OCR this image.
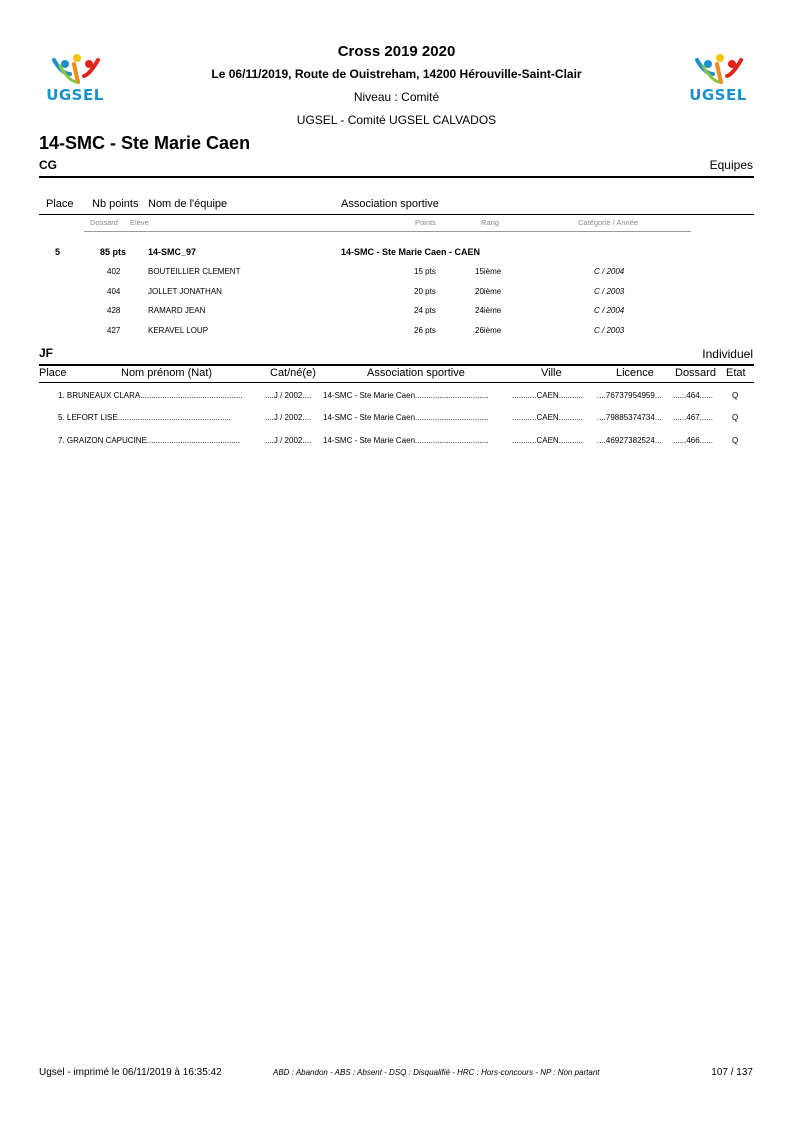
UGSEL	UGSEL
Cross 2019 2020
Le 06/11/2019, Route de Ouistreham, 14200 Hérouville-Saint-Clair
Niveau : Comité
UGSEL - Comité UGSEL CALVADOS
14-SMC - Ste Marie Caen
CG	Equipes
Place Nb points Nom de l'équipe	Association sportive
Dossard Elève	Points	Rang	Catégorie / Année
5	85 pts 14-SMC_97	14-SMC - Ste Marie Caen - CAEN
402	BOUTEILLIER CLEMENT	15 pts	15ième	C / 2004
404	JOLLET JONATHAN	20 pts	20ième	C / 2003
428	RAMARD JEAN	24 pts	24ième	C / 2004
427	KERAVEL LOUP	26 pts	26ième	C / 2003
JF	Individuel
Place	Nom prénom (Nat)	Cat/né(e)	Association sportive	Ville	Licence Dossard Etat
1. BRUNEAUX CLARA..............................................	....J / 2002....	14-SMC - Ste Marie Caen.................................	...........CAEN...........	....76737954959...	......464......	Q
5. LEFORT LISE...................................................	....J / 2002....	14-SMC - Ste Marie Caen.................................	...........CAEN...........	....79885374734...	......467......	Q
7. GRAIZON CAPUCINE..........................................	....J / 2002....	14-SMC - Ste Marie Caen.................................	...........CAEN...........	....46927382524...	......466......	Q
Ugsel - imprimé le 06/11/2019 à 16:35:42	ABD : Abandon - ABS : Absent - DSQ : Disqualifié - HRC : Hors-concours - NP : Non partant	107 / 137
